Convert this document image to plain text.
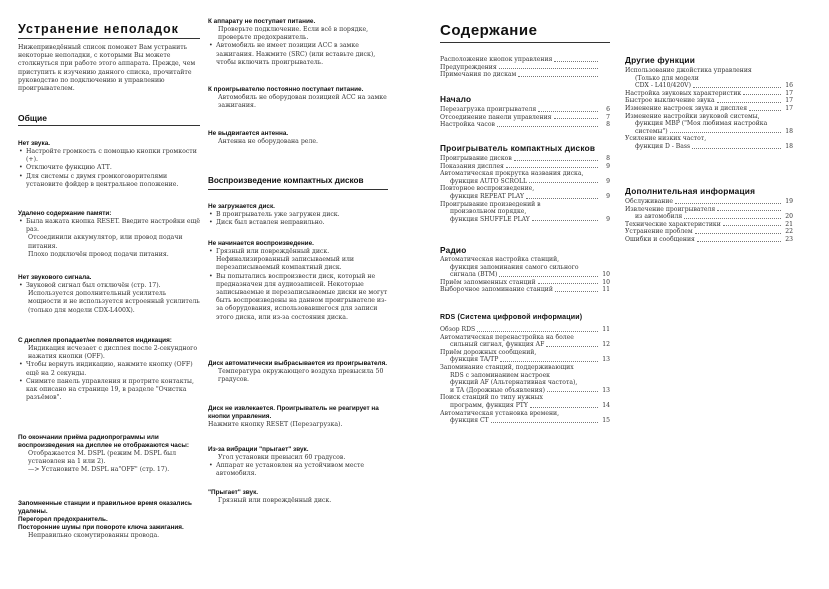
Устранение неполадок

Нижеприведённый список поможет Вам устранить некоторые неполадки, с которыми Вы можете столкнуться при работе этого аппарата. Прежде, чем приступить к изучению данного списка, прочитайте руководство по подключению и управлению проигрывателем.

Общие

Нет звука.

• Настройте громкость с помощью кнопки громкости (+).

• Отключите функцию АТТ.

• Для системы с двумя громкоговорителями установите фэйдер в центральное положение.

Удалено содержание памяти:

• Была нажата кнопка RESET. Введите настройки ещё раз.

Отсоединили аккумулятор, или провод подачи питания.

Плохо подключён провод подачи питания.

Нет звукового сигнала.

• Звуковой сигнал был отключён (стр. 17).

Используется дополнительный усилитель мощности и не используется встроенный усилитель (только для модели CDX-L400X).

С дисплея пропадает/не появляется индикация:

Индикация исчезает с дисплея после 2-секундного нажатия кнопки (OFF).

• Чтобы вернуть индикацию, нажмите кнопку (OFF) ещё на 2 секунды.

• Снимите панель управления и протрите контакты, как описано на странице 19, в разделе "Очистка разъёмов".

По окончании приёма радиопрограммы или воспроизведения на дисплее не отображаются часы:

Отображается М. DSPL (режим М. DSPL был установлен на 1 или 2).

—> Установите М. DSPL на"OFF" (стр. 17).

Запомненные станции и правильное время оказались удалены.

Перегорел предохранитель.

Посторонние шумы при повороте ключа зажигания.

Неправильно скомутированны провода.

К аппарату не поступает питание.

Проверьте подключение. Если всё в порядке, проверьте предохранитель.

• Автомобиль не имеет позиции АСС в замке зажигания. Нажмите (SRC) (или вставьте диск), чтобы включить проигрыватель.

К проигрывателю постоянно поступает питание.

Автомобиль не оборудован позицией АСС на замке зажигания.

Не выдвигается антенна.

Антенна не оборудована реле.

Воспроизведение компактных дисков

Не загружается диск.

• В проигрыватель уже загружен диск.

• Диск был вставлен неправильно.

Не начинается воспроизведение.

• Грязный или повреждённый диск. Нефинализированный записываемый или перезаписываемый компактный диск.

• Вы попытались воспроизвести диск, который не предназначен для аудиозаписей. Некоторые записываемые и перезаписываемые диски не могут быть воспроизведены на данном проигрывателе из-за оборудования, использовавшегося для записи этого диска, или из-за состояния диска.

Диск автоматически выбрасывается из проигрывателя.

Температура окружающего воздуха превысила 50 градусов.

Диск не извлекается. Проигрыватель не реагирует на кнопки управления.

Нажмите кнопку RESET (Перезагрузка).

Из-за вибрации "прыгает" звук.

Угол установки превысил 60 градусов.

• Аппарат не установлен на устойчивом месте автомобиля.

"Прыгает" звук.

Грязный или повреждённый диск.

Содержание
Расположение кнопок управления
Предупреждения
Примечания по дискам
Начало
Перезагрузка проигрывателя	6
Отсоединение панели управления	7
Настройка часов	8
Проигрыватель компактных дисков
Проигрывание дисков	8
Показания дисплея	9
Автоматическая прокрутка названия диска,
функция AUTO SCROLL	9
Повторное воспроизведение,
функция REPEAT PLAY	9
Проигрывание произведений в
произвольном порядке,
функция SHUFFLE PLAY	9
Радио
Автоматическая настройка станций,
функция запоминания самого сильного
сигнала (BTM)	10
Приём запомненных станций	10
Выборочное запоминание станций	11
RDS (Система цифровой информации)
Обзор RDS	11
Автоматическая перенастройка на более
сильный сигнал, функция AF	12
Приём дорожных сообщений,
функция TA/TP	13
Запоминание станций, поддерживающих
RDS с запоминанием настроек
функций AF (Альтернативная частота),
и TA (Дорожные объявления)	13
Поиск станций по типу нужных
программ, функция PTY	14
Автоматическая установка времени,
функция CT	15
Другие функции
Использование джойстика управления
(Только для модели
CDX - L410/420V)	16
Настройка звуковых характеристик	17
Быстрое выключение звука	17
Изменение настроек звука и дисплея	17
Изменение настройки звуковой системы,
функция MBP ("Моя любимая настройка
системы")	18
Усиление низких частот,
функция D - Bass	18
Дополнительная информация
Обслуживание	19
Извлечение проигрывателя
из автомобиля	20
Технические характеристики	21
Устранение проблем	22
Ошибки и сообщения	23
